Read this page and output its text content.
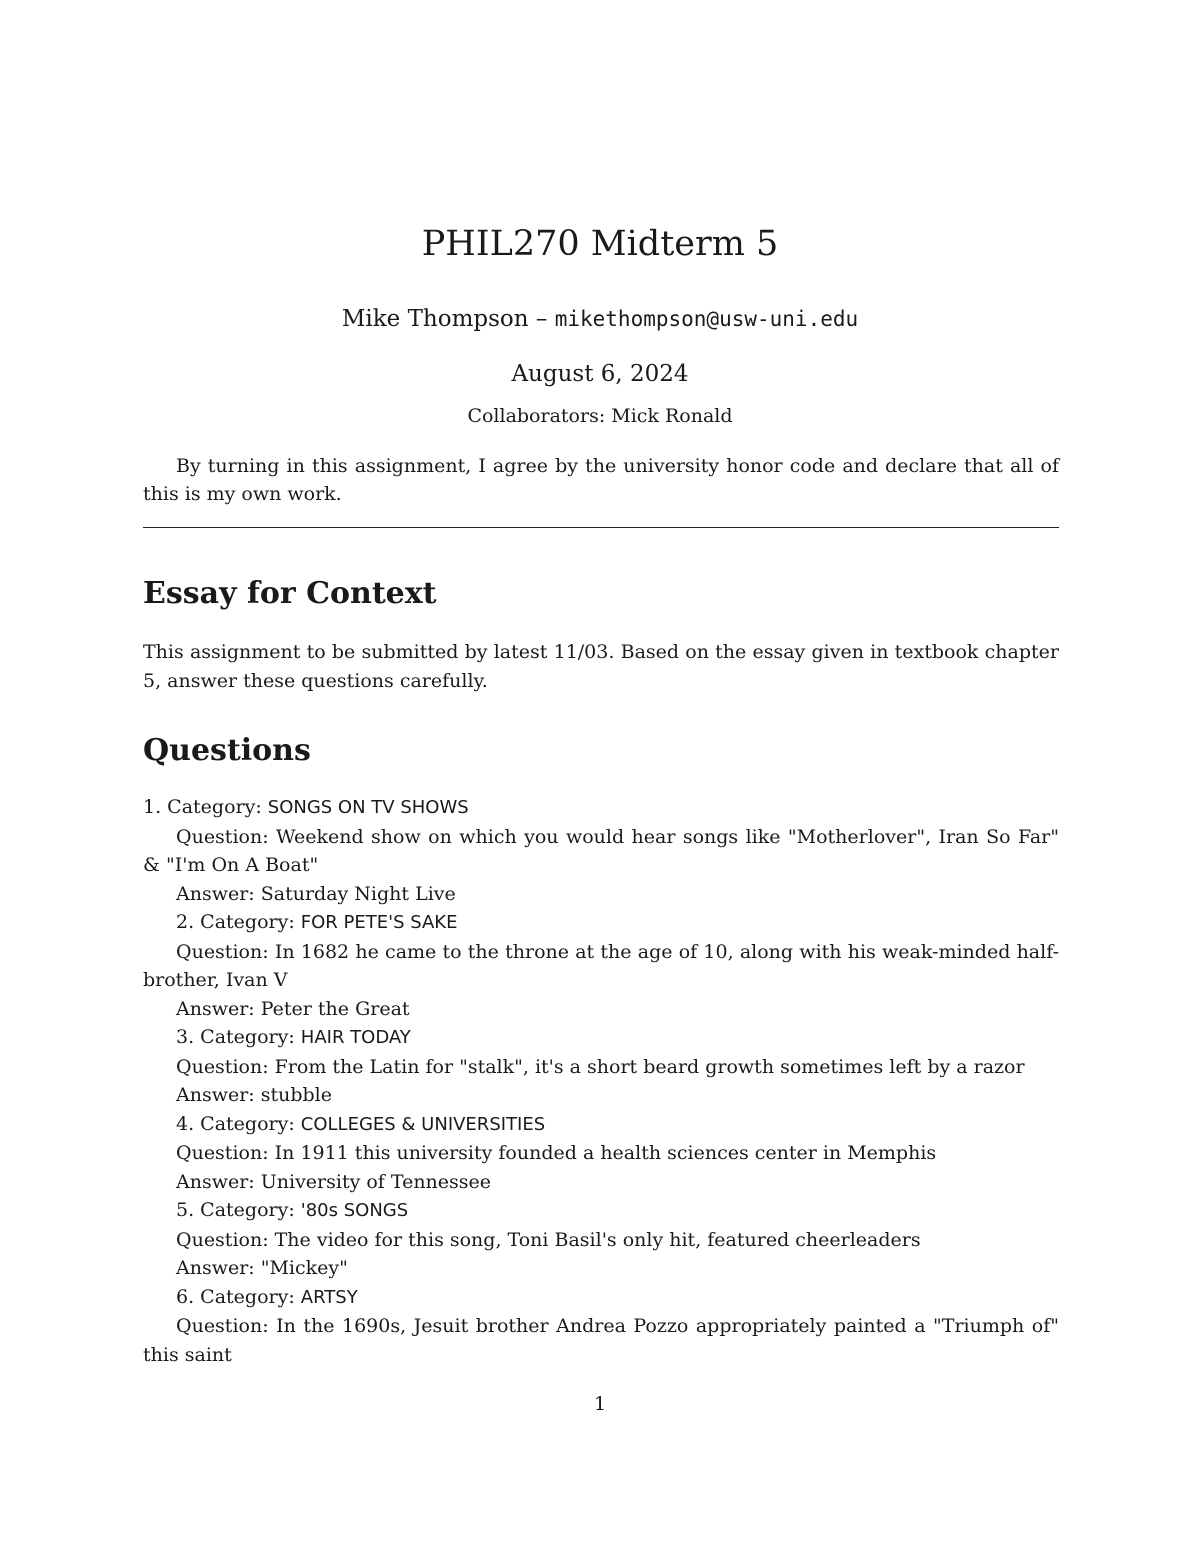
PHIL270 Midterm 5

Mike Thompson – mikethompson@usw-uni.edu

August 6, 2024

Collaborators: Mick Ronald

By turning in this assignment, I agree by the university honor code and declare that all of this is my own work.

Essay for Context

This assignment to be submitted by latest 11/03. Based on the essay given in textbook chapter 5, answer these questions carefully.

Questions
1. Category: SONGS ON TV SHOWS
Question: Weekend show on which you would hear songs like "Motherlover", Iran So Far" & "I'm On A Boat"
Answer: Saturday Night Live
2. Category: FOR PETE'S SAKE
Question: In 1682 he came to the throne at the age of 10, along with his weak-minded half-brother, Ivan V
Answer: Peter the Great
3. Category: HAIR TODAY
Question: From the Latin for "stalk", it's a short beard growth sometimes left by a razor
Answer: stubble
4. Category: COLLEGES & UNIVERSITIES
Question: In 1911 this university founded a health sciences center in Memphis
Answer: University of Tennessee
5. Category: '80s SONGS
Question: The video for this song, Toni Basil's only hit, featured cheerleaders
Answer: "Mickey"
6. Category: ARTSY
Question: In the 1690s, Jesuit brother Andrea Pozzo appropriately painted a "Triumph of" this saint

1
